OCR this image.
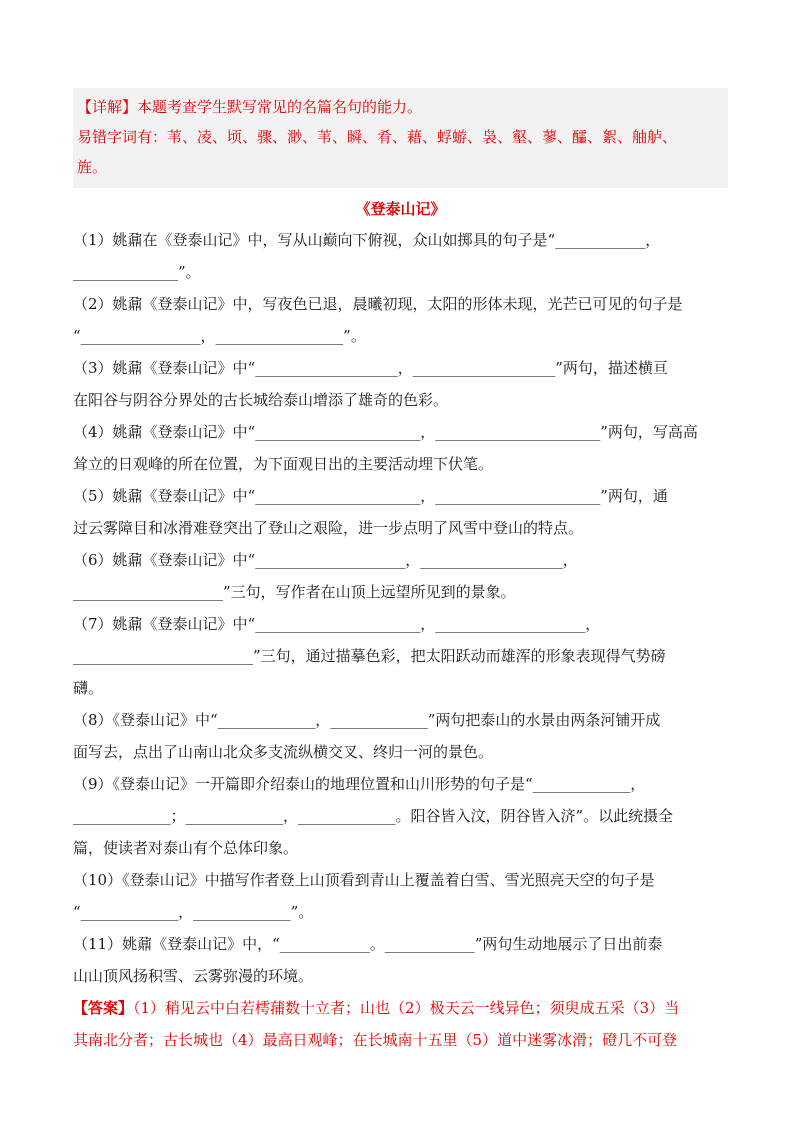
【详解】本题考查学生默写常见的名篇名句的能力。

易错字词有：苇、凌、顷、骤、渺、苇、瞬、肴、藉、蜉蝣、袅、壑、蓼、醽、絮、舳舻、

旌。

《登泰山记》

（1）姚鼐在《登泰山记》中，写从山巅向下俯视，众山如掷具的句子是“____________，

______________”。

（2）姚鼐《登泰山记》中，写夜色已退，晨曦初现，太阳的形体未现，光芒已可见的句子是

“________________，_________________”。

（3）姚鼐《登泰山记》中“___________________，___________________”两句，描述横亘

在阳谷与阴谷分界处的古长城给泰山增添了雄奇的色彩。

（4）姚鼐《登泰山记》中“______________________，______________________”两句，写高高

耸立的日观峰的所在位置，为下面观日出的主要活动埋下伏笔。

（5）姚鼐《登泰山记》中“______________________，______________________”两句，通

过云雾障目和冰滑难登突出了登山之艰险，进一步点明了风雪中登山的特点。

（6）姚鼐《登泰山记》中“____________________，___________________，

____________________”三句，写作者在山顶上远望所见到的景象。

（7）姚鼐《登泰山记》中“______________________，____________________，

________________________”三句，通过描摹色彩，把太阳跃动而雄浑的形象表现得气势磅

礴。

（8）《登泰山记》中“_____________，_____________”两句把泰山的水景由两条河铺开成

面写去，点出了山南山北众多支流纵横交叉、终归一河的景色。

（9）《登泰山记》一开篇即介绍泰山的地理位置和山川形势的句子是“_____________，

_____________；_____________，_____________。阳谷皆入汶，阴谷皆入济”。以此统摄全

篇，使读者对泰山有个总体印象。

（10）《登泰山记》中描写作者登上山顶看到青山上覆盖着白雪、雪光照亮天空的句子是

“_____________，_____________”。

（11）姚鼐《登泰山记》中，“____________。____________”两句生动地展示了日出前泰

山山顶风扬积雪、云雾弥漫的环境。

【答案】（1）稍见云中白若樗蒱数十立者；山也（2）极天云一线异色；须臾成五采（3）当

其南北分者；古长城也（4）最高日观峰；在长城南十五里（5）道中迷雾冰滑；磴几不可登
